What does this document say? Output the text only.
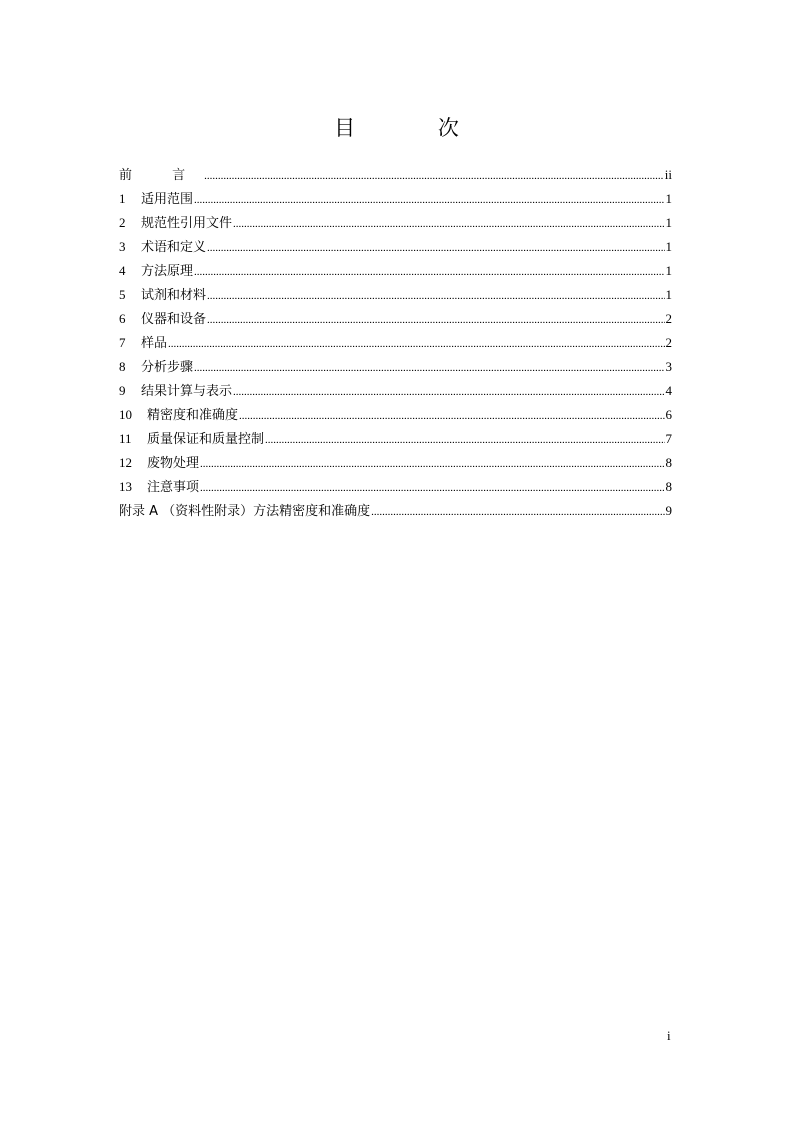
目 次
前 言 .....	ii
1	适用范围 .....	1
2	规范性引用文件 .....	1
3	术语和定义 .....	1
4	方法原理 .....	1
5	试剂和材料 .....	1
6	仪器和设备 .....	2
7	样品 .....	2
8	分析步骤 .....	3
9	结果计算与表示 .....	4
10	精密度和准确度 .....	6
11	质量保证和质量控制 .....	7
12	废物处理 .....	8
13	注意事项 .....	8
附录 A （资料性附录）方法精密度和准确度 .....	9
i
